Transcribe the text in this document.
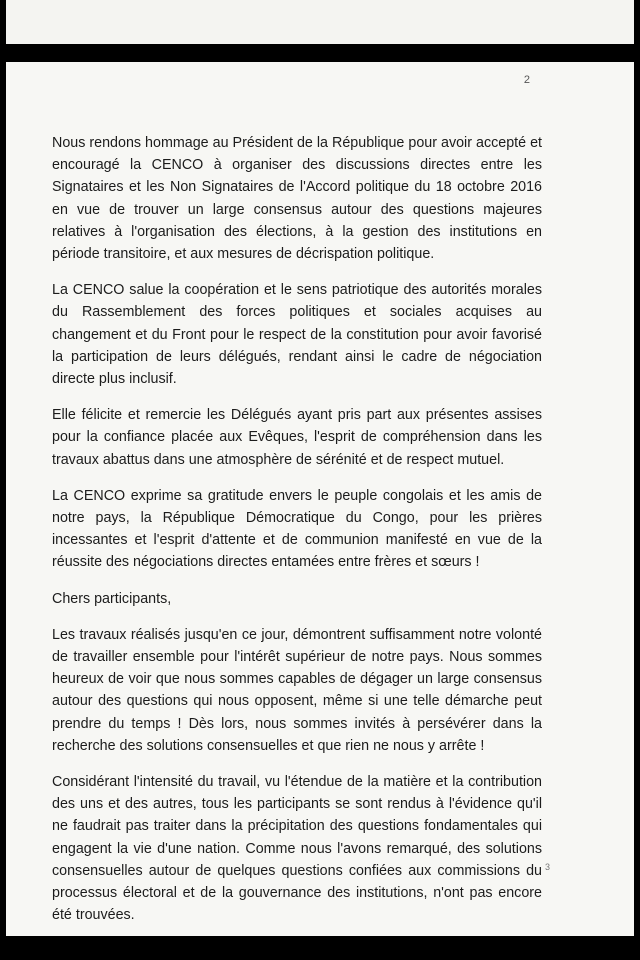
2

Nous rendons hommage au Président de la République pour avoir accepté et encouragé la CENCO à organiser des discussions directes entre les Signataires et les Non Signataires de l'Accord politique du 18 octobre 2016 en vue de trouver un large consensus autour des questions majeures relatives à l'organisation des élections, à la gestion des institutions en période transitoire, et aux mesures de décrispation politique.

La CENCO salue la coopération et le sens patriotique des autorités morales du Rassemblement des forces politiques et sociales acquises au changement et du Front pour le respect de la constitution pour avoir favorisé la participation de leurs délégués, rendant ainsi le cadre de négociation directe plus inclusif.

Elle félicite et remercie les Délégués ayant pris part aux présentes assises pour la confiance placée aux Evêques, l'esprit de compréhension dans les travaux abattus dans une atmosphère de sérénité et de respect mutuel.

La CENCO exprime sa gratitude envers le peuple congolais et les amis de notre pays, la République Démocratique du Congo, pour les prières incessantes et l'esprit d'attente et de communion manifesté en vue de la réussite des négociations directes entamées entre frères et sœurs !

Chers participants,

Les travaux réalisés jusqu'en ce jour, démontrent suffisamment notre volonté de travailler ensemble pour l'intérêt supérieur de notre pays. Nous sommes heureux de voir que nous sommes capables de dégager un large consensus autour des questions qui nous opposent, même si une telle démarche peut prendre du temps ! Dès lors, nous sommes invités à persévérer dans la recherche des solutions consensuelles et que rien ne nous y arrête !

Considérant l'intensité du travail, vu l'étendue de la matière et la contribution des uns et des autres, tous les participants se sont rendus à l'évidence qu'il ne faudrait pas traiter dans la précipitation des questions fondamentales qui engagent la vie d'une nation. Comme nous l'avons remarqué, des solutions consensuelles autour de quelques questions confiées aux commissions du processus électoral et de la gouvernance des institutions, n'ont pas encore été trouvées.

3
